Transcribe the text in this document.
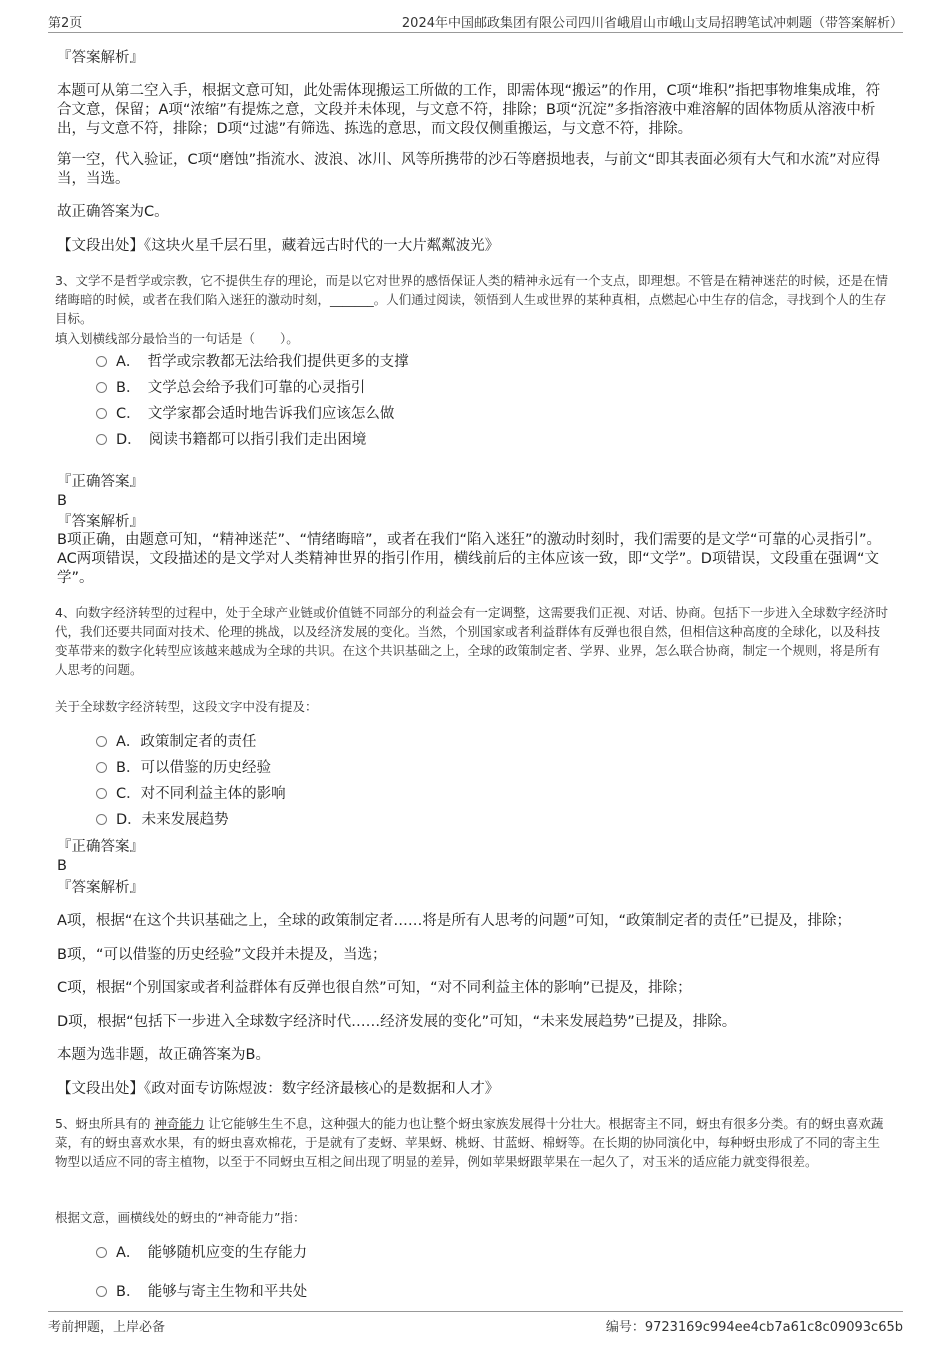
第2页	2024年中国邮政集团有限公司四川省峨眉山市峨山支局招聘笔试冲刺题（带答案解析）

『答案解析』

本题可从第二空入手，根据文意可知，此处需体现搬运工所做的工作，即需体现“搬运”的作用，C项“堆积”指把事物堆集成堆，符合文意，保留；A项“浓缩”有提炼之意，文段并未体现，与文意不符，排除；B项“沉淀”多指溶液中难溶解的固体物质从溶液中析出，与文意不符，排除；D项“过滤”有筛选、拣选的意思，而文段仅侧重搬运，与文意不符，排除。

第一空，代入验证，C项“磨蚀”指流水、波浪、冰川、风等所携带的沙石等磨损地表，与前文“即其表面必须有大气和水流”对应得当，当选。

故正确答案为C。

【文段出处】《这块火星千层石里，藏着远古时代的一大片粼粼波光》

3、文学不是哲学或宗教，它不提供生存的理论，而是以它对世界的感悟保证人类的精神永远有一个支点，即理想。不管是在精神迷茫的时候，还是在情绪晦暗的时候，或者在我们陷入迷狂的激动时刻，_______。人们通过阅读，领悟到人生或世界的某种真相，点燃起心中生存的信念，寻找到个人的生存目标。

填入划横线部分最恰当的一句话是（　　）。

A．　哲学或宗教都无法给我们提供更多的支撑
B．　文学总会给予我们可靠的心灵指引
C．　文学家都会适时地告诉我们应该怎么做
D．　阅读书籍都可以指引我们走出困境

『正确答案』

B

『答案解析』

B项正确，由题意可知，“精神迷茫”、“情绪晦暗”，或者在我们“陷入迷狂”的激动时刻时，我们需要的是文学“可靠的心灵指引”。AC两项错误，文段描述的是文学对人类精神世界的指引作用，横线前后的主体应该一致，即“文学”。D项错误，文段重在强调“文学”。

4、向数字经济转型的过程中，处于全球产业链或价值链不同部分的利益会有一定调整，这需要我们正视、对话、协商。包括下一步进入全球数字经济时代，我们还要共同面对技术、伦理的挑战，以及经济发展的变化。当然，个别国家或者利益群体有反弹也很自然，但相信这种高度的全球化，以及科技变革带来的数字化转型应该越来越成为全球的共识。在这个共识基础之上，全球的政策制定者、学界、业界，怎么联合协商，制定一个规则，将是所有人思考的问题。

关于全球数字经济转型，这段文字中没有提及：

A．政策制定者的责任
B．可以借鉴的历史经验
C．对不同利益主体的影响
D．未来发展趋势

『正确答案』

B

『答案解析』

A项，根据“在这个共识基础之上，全球的政策制定者……将是所有人思考的问题”可知，“政策制定者的责任”已提及，排除；

B项，“可以借鉴的历史经验”文段并未提及，当选；

C项，根据“个别国家或者利益群体有反弹也很自然”可知，“对不同利益主体的影响”已提及，排除；

D项，根据“包括下一步进入全球数字经济时代……经济发展的变化”可知，“未来发展趋势”已提及，排除。

本题为选非题，故正确答案为B。

【文段出处】《政对面专访陈煜波：数字经济最核心的是数据和人才》

5、蚜虫所具有的 神奇能力 让它能够生生不息，这种强大的能力也让整个蚜虫家族发展得十分壮大。根据寄主不同，蚜虫有很多分类。有的蚜虫喜欢蔬菜，有的蚜虫喜欢水果，有的蚜虫喜欢棉花，于是就有了麦蚜、苹果蚜、桃蚜、甘蓝蚜、棉蚜等。在长期的协同演化中，每种蚜虫形成了不同的寄主生物型以适应不同的寄主植物，以至于不同蚜虫互相之间出现了明显的差异，例如苹果蚜跟苹果在一起久了，对玉米的适应能力就变得很差。

根据文意，画横线处的蚜虫的“神奇能力”指：

A．　能够随机应变的生存能力
B．　能够与寄主生物和平共处
考前押题，上岸必备	编号：9723169c994ee4cb7a61c8c09093c65b
